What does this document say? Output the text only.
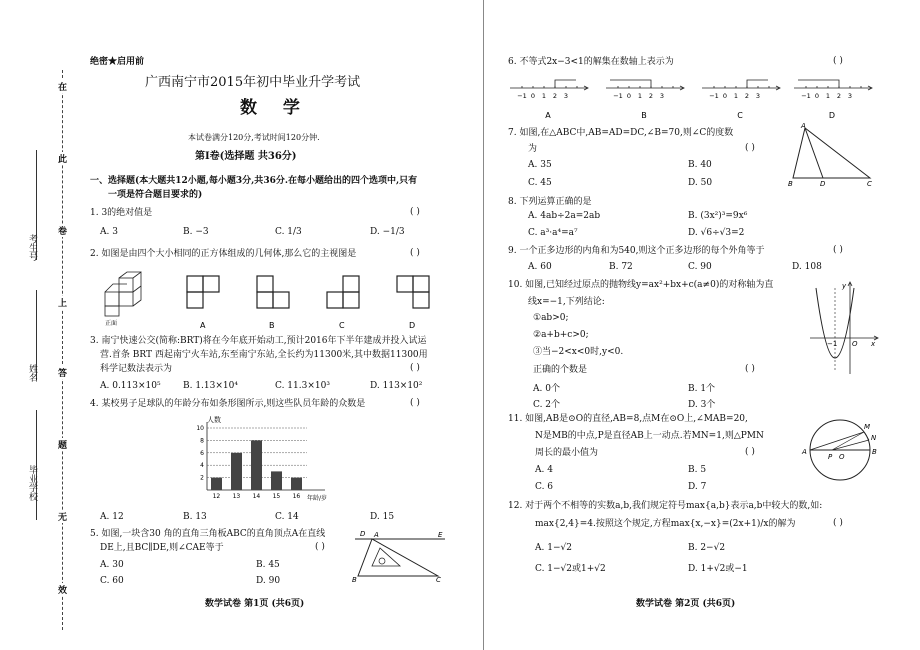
在
此
卷
上
答
题
无
效
考生号
姓名
毕业学校
绝密★启用前
广西南宁市2015年初中毕业升学考试
数 学
本试卷满分120分,考试时间120分钟.
第Ⅰ卷(选择题 共36分)
一、选择题(本大题共12小题,每小题3分,共36分.在每小题给出的四个选项中,只有
一项是符合题目要求的)
1. 3的绝对值是	( )
A. 3	B. −3	C. 1/3	D. −1/3
2. 如图是由四个大小相同的正方体组成的几何体,那么它的主视图是	( )
正面	A	B	C	D
3. 南宁快速公交(简称:BRT)将在今年底开始动工,预计2016年下半年建成并投入试运
营.首条 BRT 西起南宁火车站,东至南宁东站,全长约为11300米,其中数据11300用
科学记数法表示为	( )
A. 0.113×10⁵ B. 1.13×10⁴	C. 11.3×10³	D. 113×10²
4. 某校男子足球队的年龄分布如条形图所示,则这些队员年龄的众数是	( )
人数
年龄/岁
12 13 14 15 16
2
4
6
8
10
A. 12	B. 13	C. 14	D. 15
5. 如图,一块含30 角的直角三角板ABC的直角顶点A在直线
DE上,且BC∥DE,则∠CAE等于	( )
A. 30	B. 45
C. 60	D. 90
D A	E
B	C
数学试卷 第1页 (共6页)
6. 不等式2x−3<1的解集在数轴上表示为	( )
−1 0 1 2 3
A
−1 0 1 2 3
B
−1 0 1 2 3
C
−1 0 1 2 3
D
7. 如图,在△ABC中,AB=AD=DC,∠B=70,则∠C的度数
为	( )
A. 35	B. 40
C. 45	D. 50
A
B	D	C
8. 下列运算正确的是
A. 4ab÷2a=2ab	B. (3x²)³=9x⁶
C. a³·a⁴=a⁷	D. √6÷√3=2
9. 一个正多边形的内角和为540,则这个正多边形的每个外角等于	( )
A. 60	B. 72	C. 90	D. 108
10. 如图,已知经过原点的抛物线y=ax²+bx+c(a≠0)的对称轴为直
线x=−1,下列结论:
①ab>0;
②a+b+c>0;
③当−2<x<0时,y<0.
正确的个数是	( )
A. 0个	B. 1个
C. 2个	D. 3个
y
x
O
−1
11. 如图,AB是⊙O的直径,AB=8,点M在⊙O上,∠MAB=20,
N是MB的中点,P是直径AB上一动点.若MN=1,则△PMN
周长的最小值为	( )
A. 4	B. 5
C. 6	D. 7
A
P O
B
M
N
12. 对于两个不相等的实数a,b,我们规定符号max{a,b}表示a,b中较大的数,如:
max{2,4}=4.按照这个规定,方程max{x,−x}=(2x+1)/x的解为	( )
A. 1−√2	B. 2−√2
C. 1−√2或1+√2	D. 1+√2或−1
数学试卷 第2页 (共6页)
